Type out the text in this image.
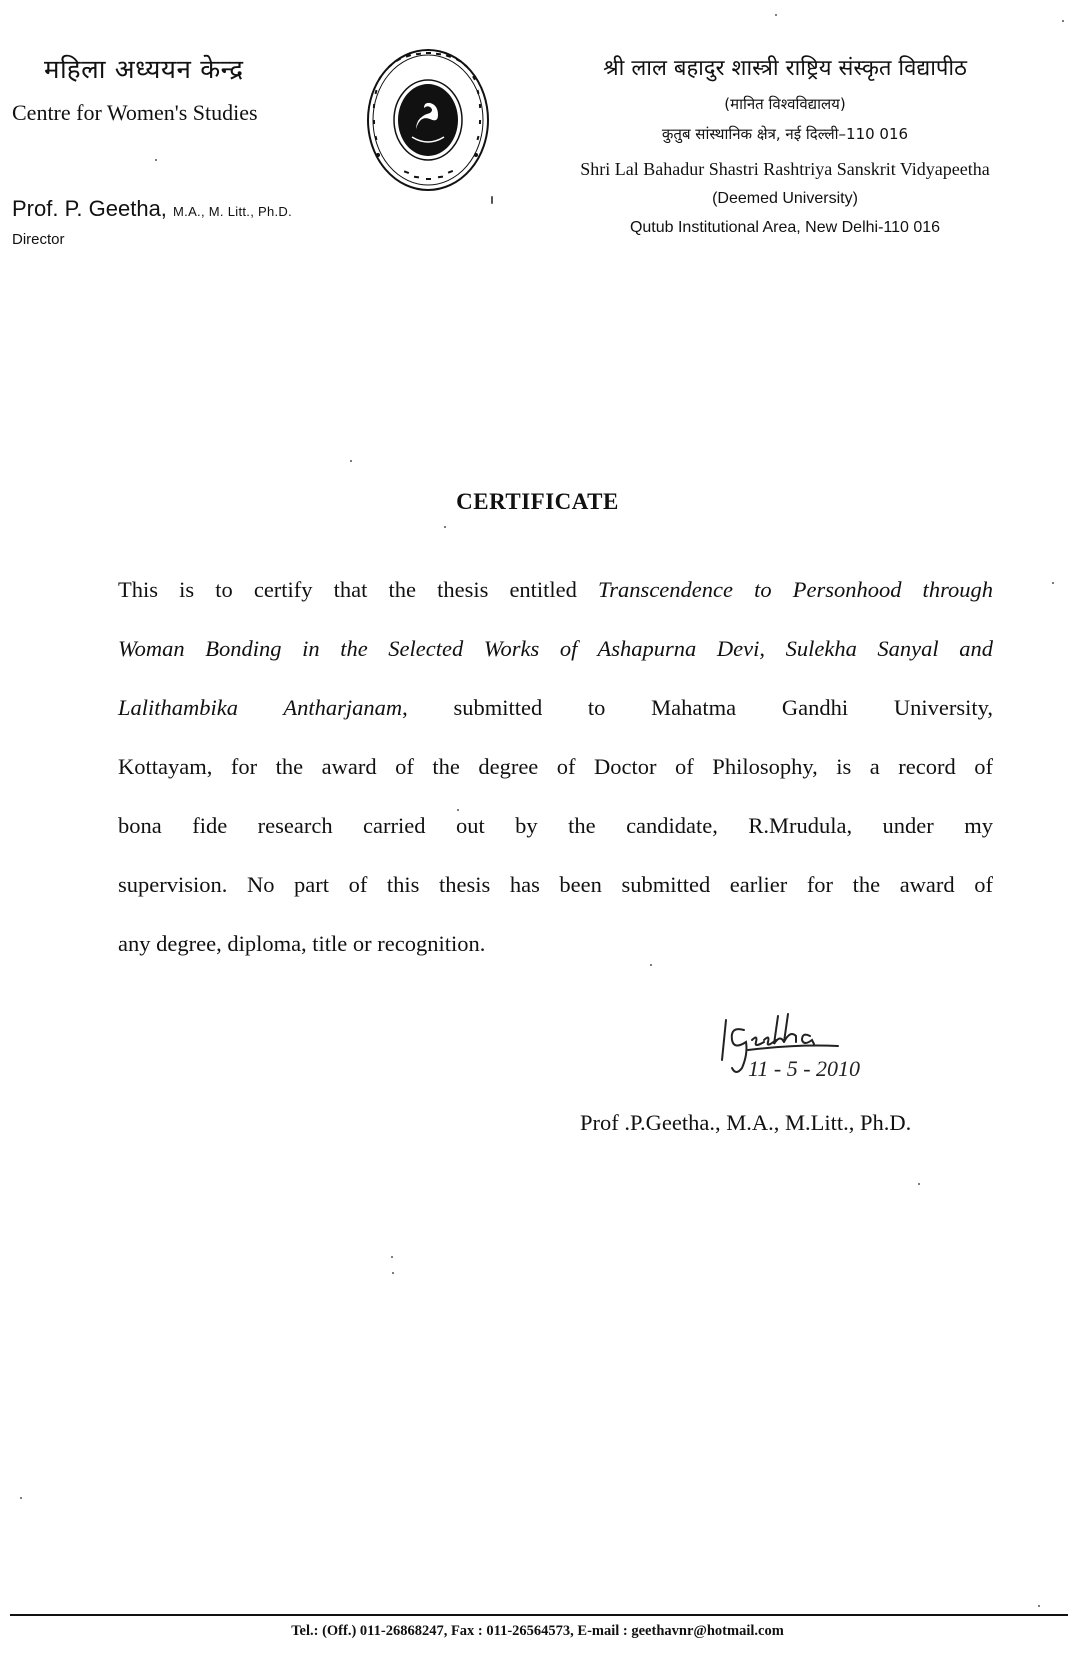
महिला अध्ययन केन्द्र
Centre for Women's Studies
Prof. P. Geetha, M.A., M. Litt., Ph.D.
Director
श्री लाल बहादुर शास्त्री राष्ट्रिय संस्कृत विद्यापीठ
(मानित विश्वविद्यालय)
कुतुब सांस्थानिक क्षेत्र, नई दिल्ली–110 016
Shri Lal Bahadur Shastri Rashtriya Sanskrit Vidyapeetha
(Deemed University)
Qutub Institutional Area, New Delhi-110 016
CERTIFICATE
This is to certify that the thesis entitled Transcendence to Personhood through
Woman Bonding in the Selected Works of Ashapurna Devi, Sulekha Sanyal and
Lalithambika Antharjanam, submitted to Mahatma Gandhi University,
Kottayam, for the award of the degree of Doctor of Philosophy, is a record of
bona fide research carried out by the candidate, R.Mrudula, under my
supervision. No part of this thesis has been submitted earlier for the award of
any degree, diploma, title or recognition.
11 - 5 - 2010
Prof .P.Geetha., M.A., M.Litt., Ph.D.
Tel.: (Off.) 011-26868247, Fax : 011-26564573, E-mail : geethavnr@hotmail.com
